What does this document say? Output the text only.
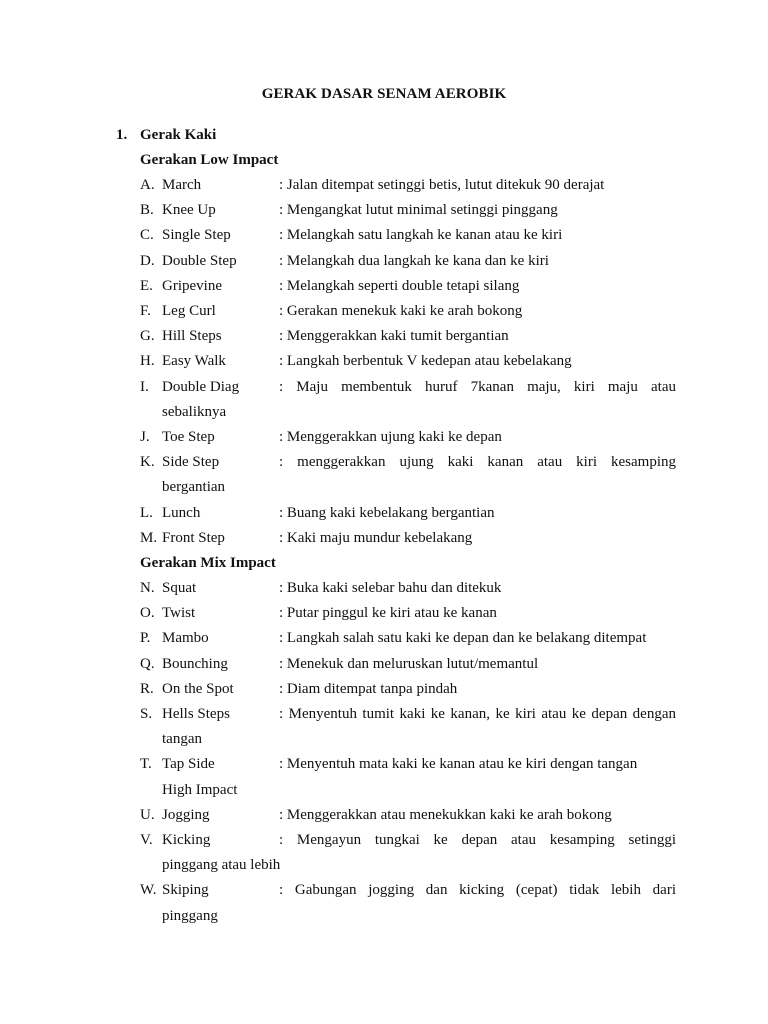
GERAK DASAR SENAM AEROBIK
1. Gerak Kaki
Gerakan Low Impact
A. March	: Jalan ditempat setinggi betis, lutut ditekuk 90 derajat
B. Knee Up	: Mengangkat lutut minimal setinggi pinggang
C. Single Step	: Melangkah satu langkah ke kanan atau ke kiri
D. Double Step	: Melangkah dua langkah ke kana dan ke kiri
E. Gripevine	: Melangkah seperti double tetapi silang
F. Leg Curl	: Gerakan menekuk kaki ke arah bokong
G. Hill Steps	: Menggerakkan kaki tumit bergantian
H. Easy Walk	: Langkah berbentuk V kedepan atau kebelakang
I. Double Diag	: Maju membentuk huruf 7kanan maju, kiri maju atau
sebaliknya
J. Toe Step	: Menggerakkan ujung kaki ke depan
K. Side Step	: menggerakkan ujung kaki kanan atau kiri kesamping
bergantian
L. Lunch	: Buang kaki kebelakang bergantian
M. Front Step	: Kaki maju mundur kebelakang
Gerakan Mix Impact
N. Squat	: Buka kaki selebar bahu dan ditekuk
O. Twist	: Putar pinggul ke kiri atau ke kanan
P. Mambo	: Langkah salah satu kaki ke depan dan ke belakang ditempat
Q. Bounching	: Menekuk dan meluruskan lutut/memantul
R. On the Spot	: Diam ditempat tanpa pindah
S. Hells Steps	: Menyentuh tumit kaki ke kanan, ke kiri atau ke depan dengan
tangan
T. Tap Side	: Menyentuh mata kaki ke kanan atau ke kiri dengan tangan
High Impact
U. Jogging	: Menggerakkan atau menekukkan kaki ke arah bokong
V. Kicking	: Mengayun tungkai ke depan atau kesamping setinggi
pinggang atau lebih
W. Skiping	: Gabungan jogging dan kicking (cepat) tidak lebih dari
pinggang
